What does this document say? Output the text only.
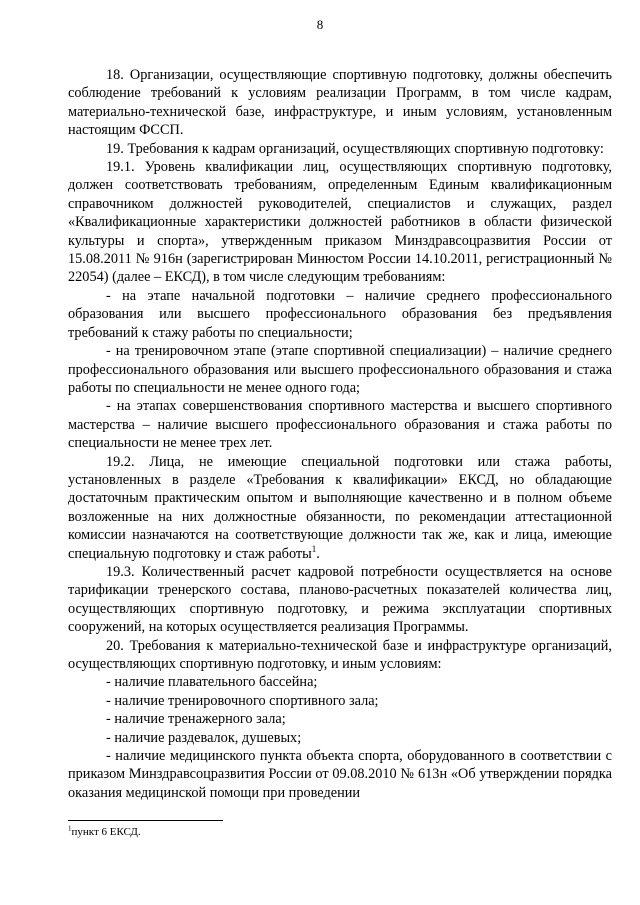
8

18. Организации, осуществляющие спортивную подготовку, должны обеспечить соблюдение требований к условиям реализации Программ, в том числе кадрам, материально-технической базе, инфраструктуре, и иным условиям, установленным настоящим ФССП.

19. Требования к кадрам организаций, осуществляющих спортивную подготовку:

19.1. Уровень квалификации лиц, осуществляющих спортивную подготовку, должен соответствовать требованиям, определенным Единым квалификационным справочником должностей руководителей, специалистов и служащих, раздел «Квалификационные характеристики должностей работников в области физической культуры и спорта», утвержденным приказом Минздравсоцразвития России от 15.08.2011 № 916н (зарегистрирован Минюстом России 14.10.2011, регистрационный № 22054) (далее – ЕКСД), в том числе следующим требованиям:

- на этапе начальной подготовки – наличие среднего профессионального образования или высшего профессионального образования без предъявления требований к стажу работы по специальности;

- на тренировочном этапе (этапе спортивной специализации) – наличие среднего профессионального образования или высшего профессионального образования и стажа работы по специальности не менее одного года;

- на этапах совершенствования спортивного мастерства и высшего спортивного мастерства – наличие высшего профессионального образования и стажа работы по специальности не менее трех лет.

19.2. Лица, не имеющие специальной подготовки или стажа работы, установленных в разделе «Требования к квалификации» ЕКСД, но обладающие достаточным практическим опытом и выполняющие качественно и в полном объеме возложенные на них должностные обязанности, по рекомендации аттестационной комиссии назначаются на соответствующие должности так же, как и лица, имеющие специальную подготовку и стаж работы$^1$.

19.3. Количественный расчет кадровой потребности осуществляется на основе тарификации тренерского состава, планово-расчетных показателей количества лиц, осуществляющих спортивную подготовку, и режима эксплуатации спортивных сооружений, на которых осуществляется реализация Программы.

20. Требования к материально-технической базе и инфраструктуре организаций, осуществляющих спортивную подготовку, и иным условиям:

- наличие плавательного бассейна;

- наличие тренировочного спортивного зала;

- наличие тренажерного зала;

- наличие раздевалок, душевых;

- наличие медицинского пункта объекта спорта, оборудованного в соответствии с приказом Минздравсоцразвития России от 09.08.2010 № 613н «Об утверждении порядка оказания медицинской помощи при проведении

$^1$пункт 6 ЕКСД.
